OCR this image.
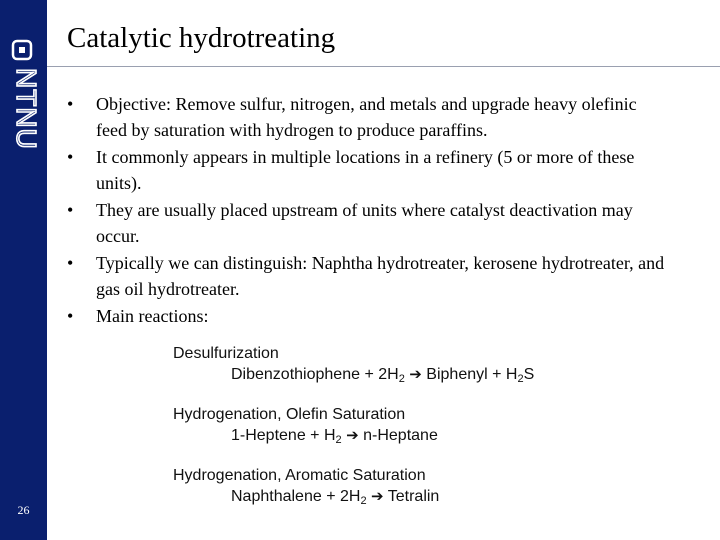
NTNU
26
Catalytic hydrotreating
•	Objective: Remove sulfur, nitrogen, and metals and upgrade heavy olefinic feed by saturation with hydrogen to produce paraffins.
•	It commonly appears in multiple locations in a refinery (5 or more of these units).
•	They are usually placed upstream of units where catalyst deactivation may occur.
•	Typically we can distinguish: Naphtha hydrotreater, kerosene hydrotreater, and gas oil hydrotreater.
•	Main reactions:
Desulfurization
Dibenzothiophene + $2H_2$ ➔ Biphenyl + $H_2S$
Hydrogenation, Olefin Saturation
1-Heptene + $H_2$ ➔ n-Heptane
Hydrogenation, Aromatic Saturation
Naphthalene + $2H_2$ ➔ Tetralin
